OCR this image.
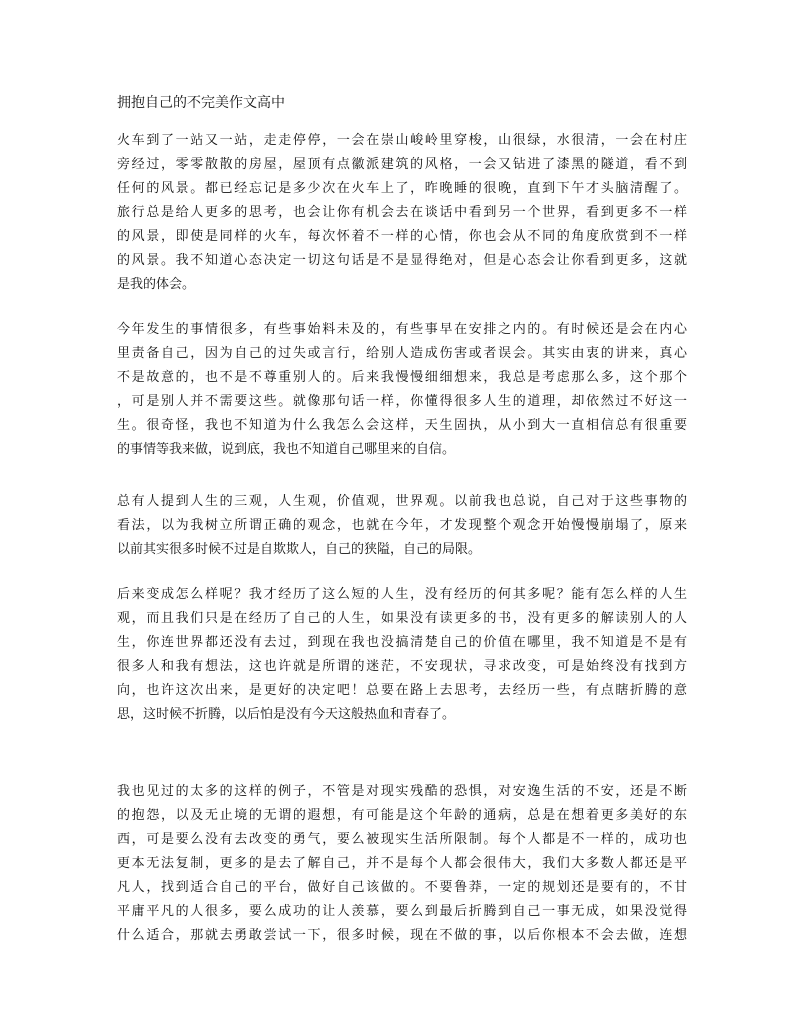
拥抱自己的不完美作文高中
火车到了一站又一站，走走停停，一会在崇山峻岭里穿梭，山很绿，水很清，一会在村庄
旁经过，零零散散的房屋，屋顶有点徽派建筑的风格，一会又钻进了漆黑的隧道，看不到
任何的风景。都已经忘记是多少次在火车上了，昨晚睡的很晚，直到下午才头脑清醒了。
旅行总是给人更多的思考，也会让你有机会去在谈话中看到另一个世界，看到更多不一样
的风景，即使是同样的火车，每次怀着不一样的心情，你也会从不同的角度欣赏到不一样
的风景。我不知道心态决定一切这句话是不是显得绝对，但是心态会让你看到更多，这就
是我的体会。
今年发生的事情很多，有些事始料未及的，有些事早在安排之内的。有时候还是会在内心
里责备自己，因为自己的过失或言行，给别人造成伤害或者误会。其实由衷的讲来，真心
不是故意的，也不是不尊重别人的。后来我慢慢细细想来，我总是考虑那么多，这个那个
，可是别人并不需要这些。就像那句话一样，你懂得很多人生的道理，却依然过不好这一
生。很奇怪，我也不知道为什么我怎么会这样，天生固执，从小到大一直相信总有很重要
的事情等我来做，说到底，我也不知道自己哪里来的自信。
总有人提到人生的三观，人生观，价值观，世界观。以前我也总说，自己对于这些事物的
看法，以为我树立所谓正确的观念，也就在今年，才发现整个观念开始慢慢崩塌了，原来
以前其实很多时候不过是自欺欺人，自己的狭隘，自己的局限。
后来变成怎么样呢？我才经历了这么短的人生，没有经历的何其多呢？能有怎么样的人生
观，而且我们只是在经历了自己的人生，如果没有读更多的书，没有更多的解读别人的人
生，你连世界都还没有去过，到现在我也没搞清楚自己的价值在哪里，我不知道是不是有
很多人和我有想法，这也许就是所谓的迷茫，不安现状，寻求改变，可是始终没有找到方
向，也许这次出来，是更好的决定吧！总要在路上去思考，去经历一些，有点瞎折腾的意
思，这时候不折腾，以后怕是没有今天这般热血和青春了。
我也见过的太多的这样的例子，不管是对现实残酷的恐惧，对安逸生活的不安，还是不断
的抱怨，以及无止境的无谓的遐想，有可能是这个年龄的通病，总是在想着更多美好的东
西，可是要么没有去改变的勇气，要么被现实生活所限制。每个人都是不一样的，成功也
更本无法复制，更多的是去了解自己，并不是每个人都会很伟大，我们大多数人都还是平
凡人，找到适合自己的平台，做好自己该做的。不要鲁莽，一定的规划还是要有的，不甘
平庸平凡的人很多，要么成功的让人羡慕，要么到最后折腾到自己一事无成，如果没觉得
什么适合，那就去勇敢尝试一下，很多时候，现在不做的事，以后你根本不会去做，连想
